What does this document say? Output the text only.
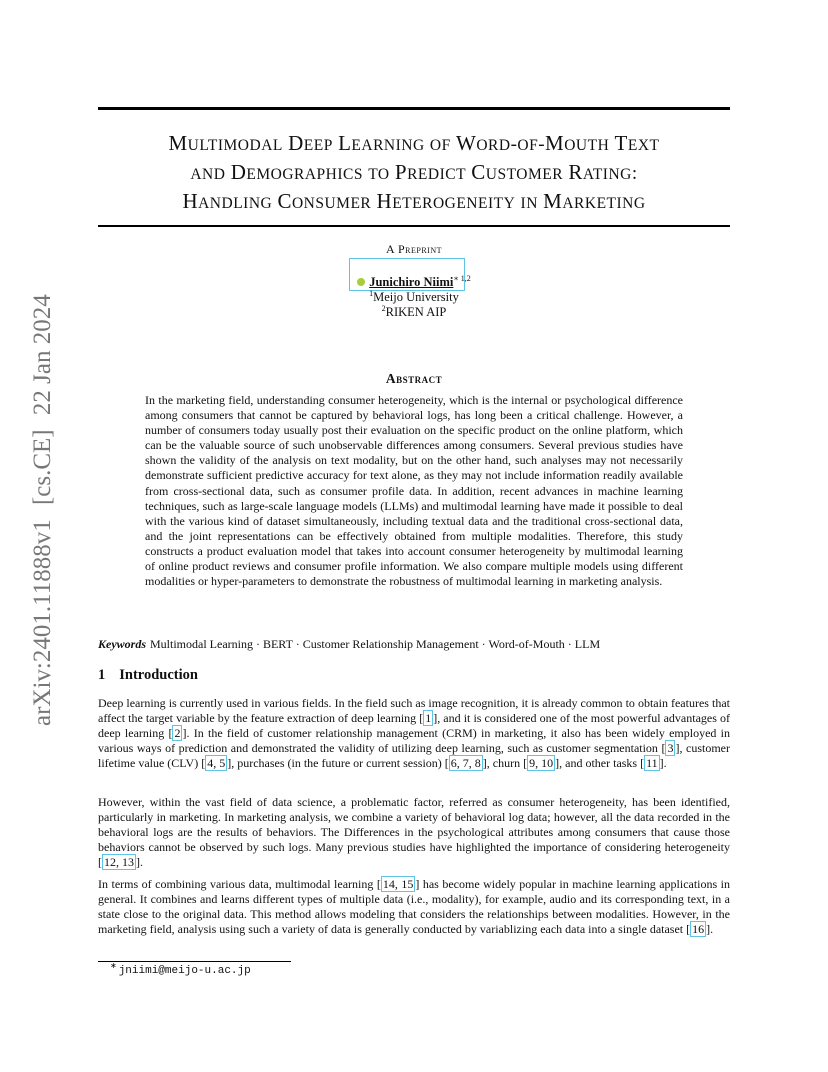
arXiv:2401.11888v1 [cs.CE] 22 Jan 2024
MULTIMODAL DEEP LEARNING OF WORD-OF-MOUTH TEXT
AND DEMOGRAPHICS TO PREDICT CUSTOMER RATING:
HANDLING CONSUMER HETEROGENEITY IN MARKETING
A Preprint
Junichiro Niimi$^{∗ 1,2}$
$^1$Meijo University
$^2$RIKEN AIP
Abstract
In the marketing field, understanding consumer heterogeneity, which is the internal or psychological difference among consumers that cannot be captured by behavioral logs, has long been a critical challenge. However, a number of consumers today usually post their evaluation on the specific product on the online platform, which can be the valuable source of such unobservable differences among consumers. Several previous studies have shown the validity of the analysis on text modality, but on the other hand, such analyses may not necessarily demonstrate sufficient predictive accuracy for text alone, as they may not include information readily available from cross-sectional data, such as consumer profile data. In addition, recent advances in machine learning techniques, such as large-scale language models (LLMs) and multimodal learning have made it possible to deal with the various kind of dataset simultaneously, including textual data and the traditional cross-sectional data, and the joint representations can be effectively obtained from multiple modalities. Therefore, this study constructs a product evaluation model that takes into account consumer heterogeneity by multimodal learning of online product reviews and consumer profile information. We also compare multiple models using different modalities or hyper-parameters to demonstrate the robustness of multimodal learning in marketing analysis.
Keywords Multimodal Learning · BERT · Customer Relationship Management · Word-of-Mouth · LLM
1 Introduction

Deep learning is currently used in various fields. In the field such as image recognition, it is already common to obtain features that affect the target variable by the feature extraction of deep learning [ 1 ], and it is considered one of the most powerful advantages of deep learning [ 2 ]. In the field of customer relationship management (CRM) in marketing, it also has been widely employed in various ways of prediction and demonstrated the validity of utilizing deep learning, such as customer segmentation [ 3 ], customer lifetime value (CLV) [ 4, 5 ], purchases (in the future or current session) [ 6, 7, 8 ], churn [ 9, 10 ], and other tasks [ 11 ].

However, within the vast field of data science, a problematic factor, referred as consumer heterogeneity, has been identified, particularly in marketing. In marketing analysis, we combine a variety of behavioral log data; however, all the data recorded in the behavioral logs are the results of behaviors. The Differences in the psychological attributes among consumers that cause those behaviors cannot be observed by such logs. Many previous studies have highlighted the importance of considering heterogeneity [ 12, 13 ].

In terms of combining various data, multimodal learning [ 14, 15 ] has become widely popular in machine learning applications in general. It combines and learns different types of multiple data (i.e., modality), for example, audio and its corresponding text, in a state close to the original data. This method allows modeling that considers the relationships between modalities. However, in the marketing field, analysis using such a variety of data is generally conducted by variablizing each data into a single dataset [ 16 ].

∗ jniimi@meijo-u.ac.jp
